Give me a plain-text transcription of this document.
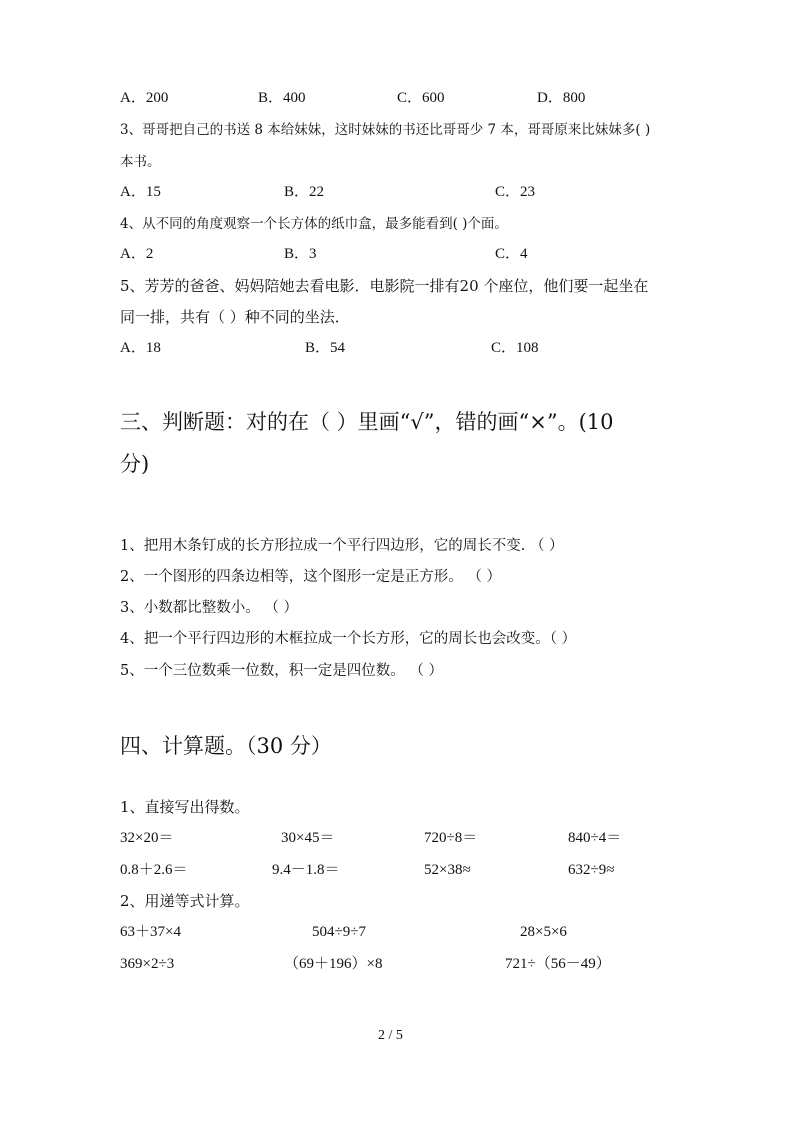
A．200	B．400	C．600	D．800
3、哥哥把自己的书送 8 本给妹妹，这时妹妹的书还比哥哥少 7 本，哥哥原来比妹妹多( )
本书。
A．15	B．22	C．23
4、从不同的角度观察一个长方体的纸巾盒，最多能看到( )个面。
A．2	B．3	C．4
5、芳芳的爸爸、妈妈陪她去看电影．电影院一排有20 个座位，他们要一起坐在
同一排，共有（ ）种不同的坐法．
A．18	B．54	C．108
三、判断题：对的在（ ）里画“√”，错的画“×”。(10
分)
1、把用木条钉成的长方形拉成一个平行四边形，它的周长不变. （ ）
2、一个图形的四条边相等，这个图形一定是正方形。 （ ）
3、小数都比整数小。 （ ）
4、把一个平行四边形的木框拉成一个长方形，它的周长也会改变。（ ）
5、一个三位数乘一位数，积一定是四位数。 （ ）
四、计算题。（30 分）
1、直接写出得数。
32×20＝	30×45＝	720÷8＝	840÷4＝
0.8＋2.6＝	9.4－1.8＝	52×38≈	632÷9≈
2、用递等式计算。
63＋37×4	504÷9÷7	28×5×6
369×2÷3	（69＋196）×8	721÷（56－49）
2 / 5
